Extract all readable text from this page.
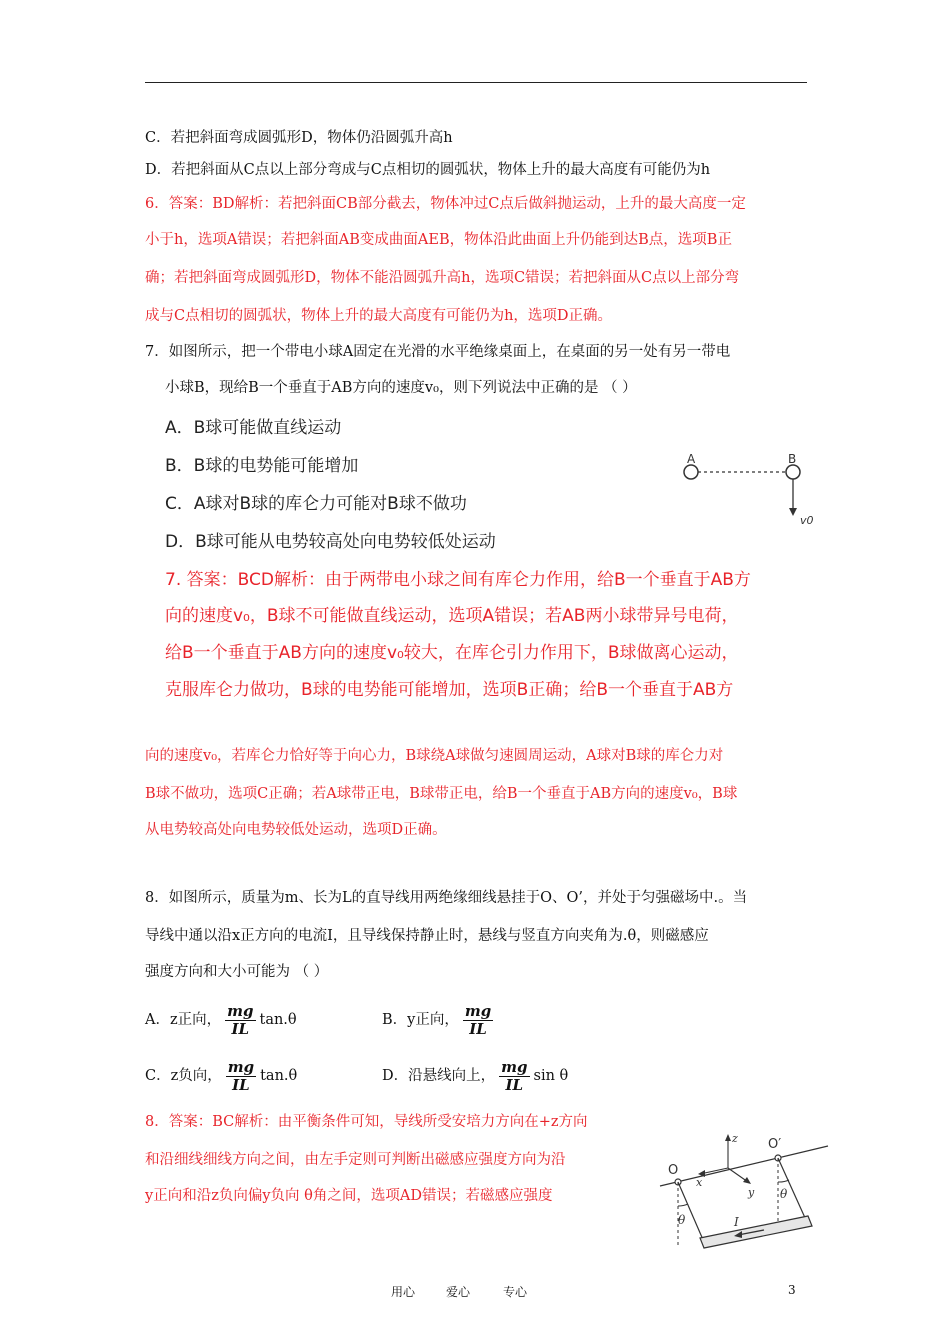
C．若把斜面弯成圆弧形D，物体仍沿圆弧升高h
D．若把斜面从C点以上部分弯成与C点相切的圆弧状，物体上升的最大高度有可能仍为h
6．答案：BD解析：若把斜面CB部分截去，物体冲过C点后做斜抛运动，上升的最大高度一定
小于h，选项A错误；若把斜面AB变成曲面AEB，物体沿此曲面上升仍能到达B点，选项B正
确；若把斜面弯成圆弧形D，物体不能沿圆弧升高h，选项C错误；若把斜面从C点以上部分弯
成与C点相切的圆弧状，物体上升的最大高度有可能仍为h，选项D正确。
7．如图所示，把一个带电小球A固定在光滑的水平绝缘桌面上，在桌面的另一处有另一带电
小球B，现给B一个垂直于AB方向的速度v₀，则下列说法中正确的是 （ ）
A．B球可能做直线运动
B．B球的电势能可能增加
C．A球对B球的库仑力可能对B球不做功
D．B球可能从电势较高处向电势较低处运动
A	B
v0
7. 答案：BCD解析：由于两带电小球之间有库仑力作用，给B一个垂直于AB方
向的速度v₀，B球不可能做直线运动，选项A错误；若AB两小球带异号电荷，
给B一个垂直于AB方向的速度v₀较大，在库仑引力作用下，B球做离心运动，
克服库仑力做功，B球的电势能可能增加，选项B正确；给B一个垂直于AB方
向的速度v₀，若库仑力恰好等于向心力，B球绕A球做匀速圆周运动，A球对B球的库仑力对
B球不做功，选项C正确；若A球带正电，B球带正电，给B一个垂直于AB方向的速度v₀，B球
从电势较高处向电势较低处运动，选项D正确。
8．如图所示，质量为m、长为L的直导线用两绝缘细线悬挂于O、O’，并处于匀强磁场中.。当
导线中通以沿x正方向的电流I，且导线保持静止时，悬线与竖直方向夹角为.θ，则磁感应
强度方向和大小可能为 （ ）
A．z正向， $\frac{mg}{IL} \tan.\theta$	B．y正向， $\frac{mg}{IL}$
C．z负向， $\frac{mg}{IL} \tan.\theta$	D．沿悬线向上， $\frac{mg}{IL}$ sin θ
8．答案：BC解析：由平衡条件可知，导线所受安培力方向在+z方向
和沿细线细线方向之间，由左手定则可判断出磁感应强度方向为沿
y正向和沿z负向偏y负向 θ角之间，选项AD错误；若磁感应强度
O
O′
I
z
x
y
θ
θ
用心	爱心	专心	3
